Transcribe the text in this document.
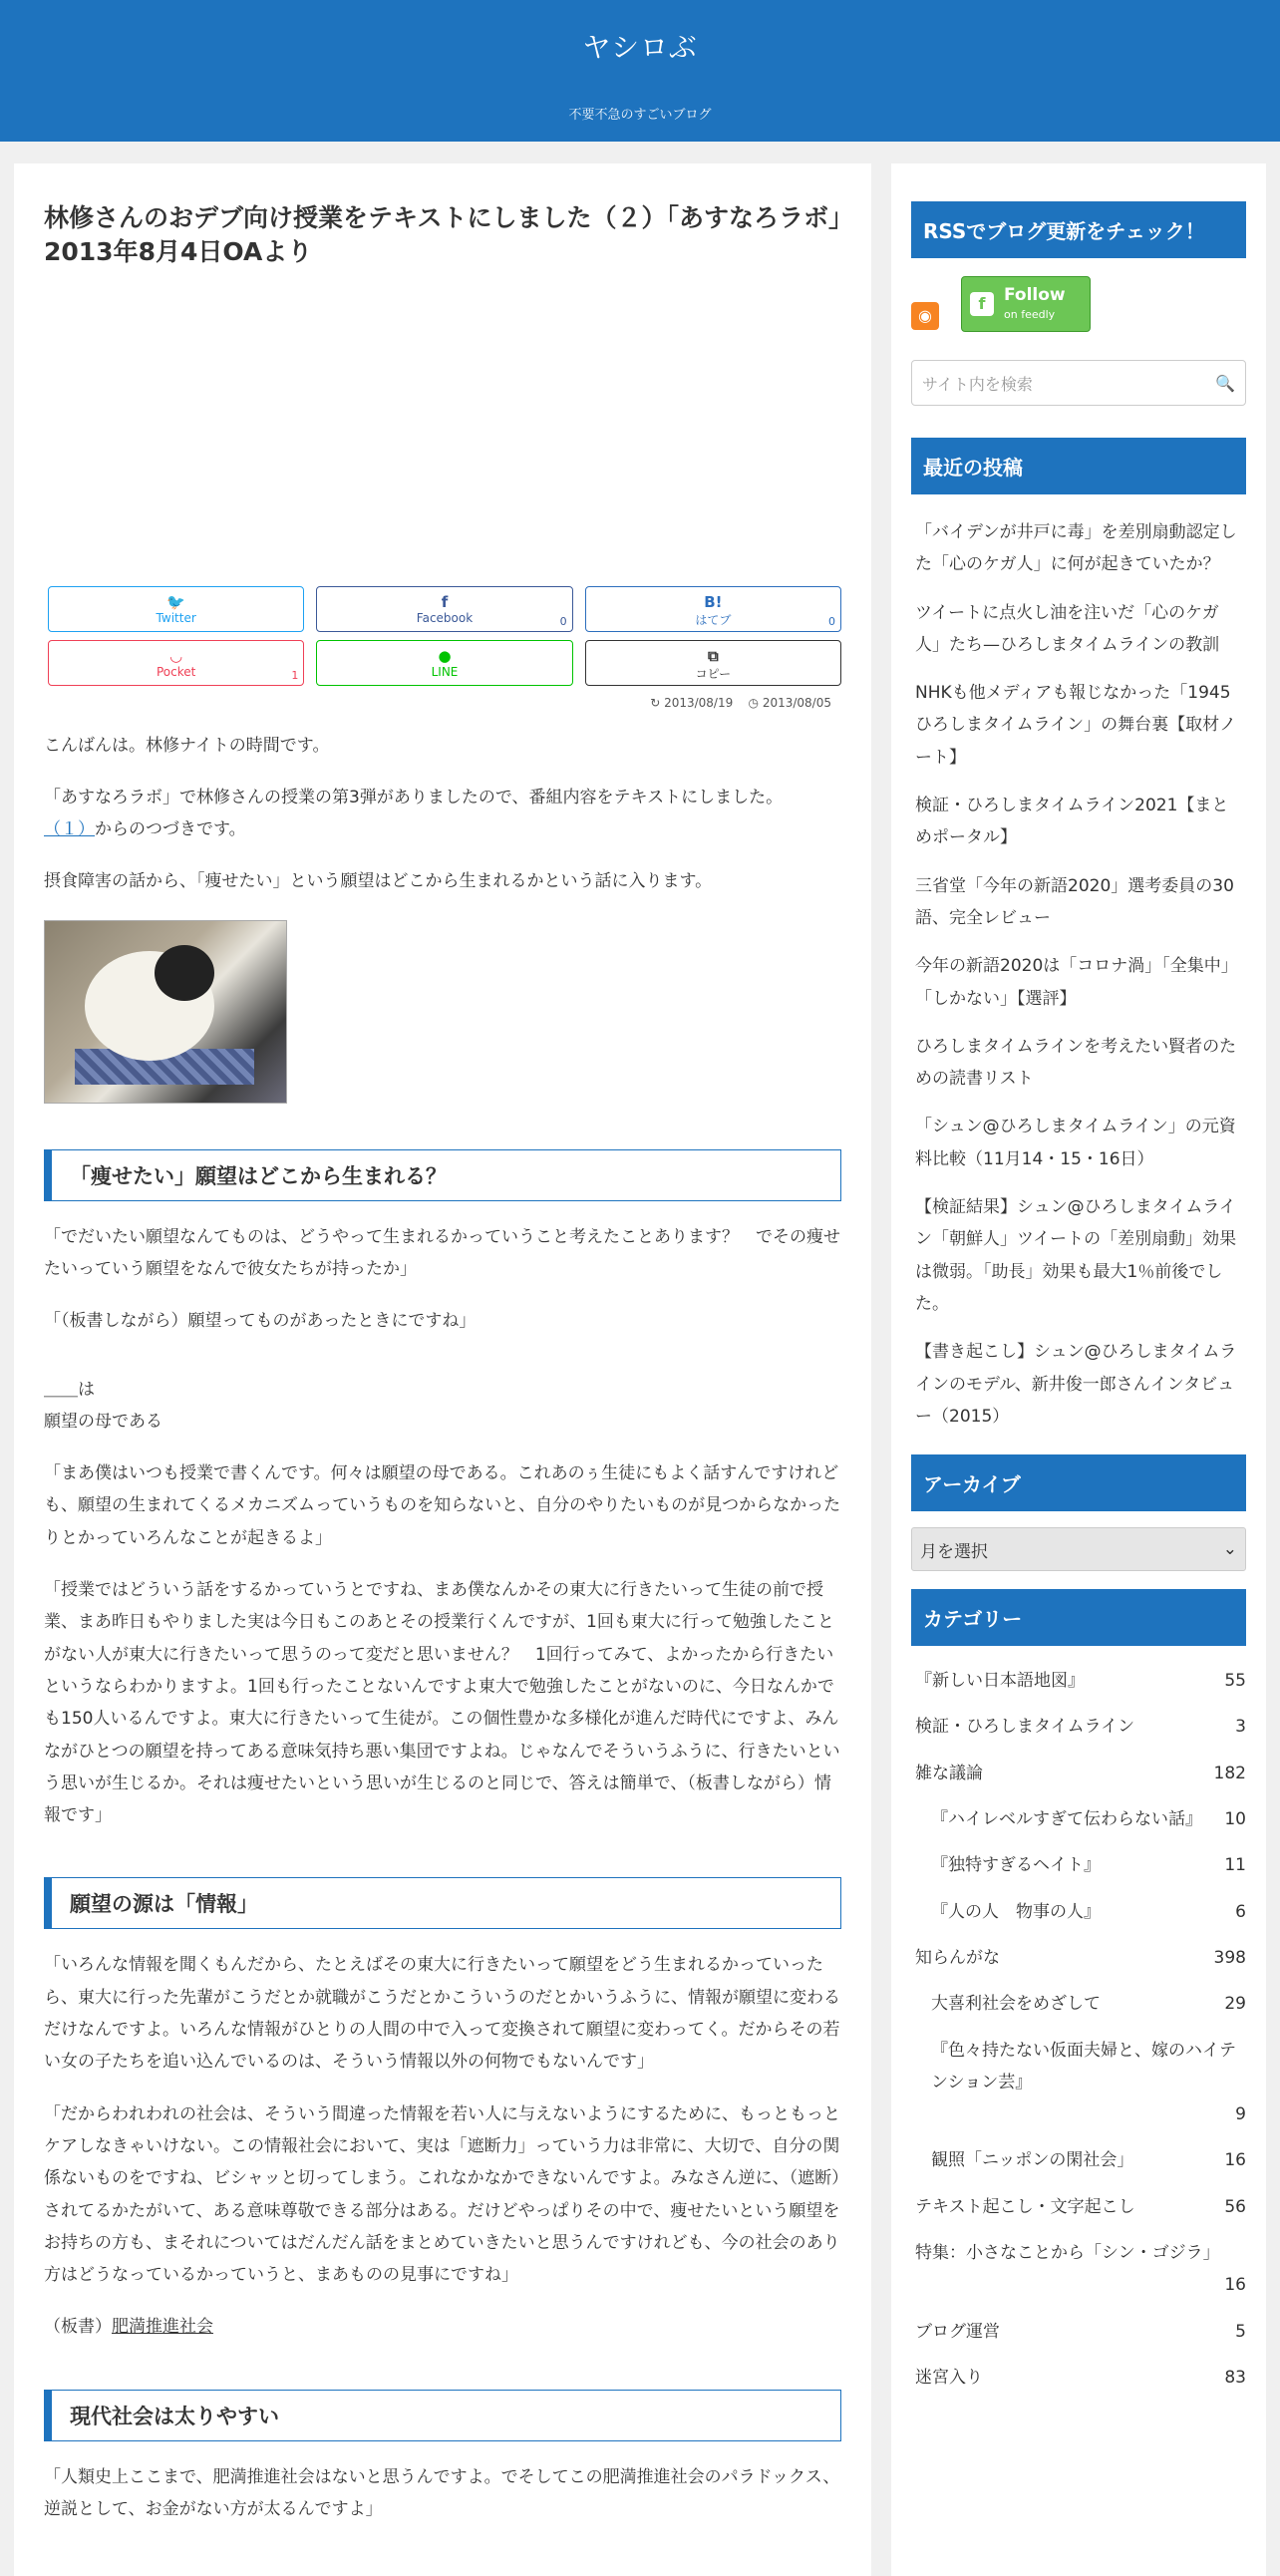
ヤシロぶ
不要不急のすごいブログ
林修さんのおデブ向け授業をテキストにしました（２）「あすなろラボ」2013年8月4日OAより
🐦
Twitter
f
Facebook	0
B!
はてブ	0
◡
Pocket	1
●
LINE
⧉
コピー
↻ 2013/08/19 ◷ 2013/08/05

こんばんは。林修ナイトの時間です。

「あすなろラボ」で林修さんの授業の第3弾がありましたので、番組内容をテキストにしました。
（１）からのつづきです。

摂食障害の話から、「痩せたい」という願望はどこから生まれるかという話に入ります。

「痩せたい」願望はどこから生まれる？

「でだいたい願望なんてものは、どうやって生まれるかっていうこと考えたことあります？　でその痩せたいっていう願望をなんで彼女たちが持ったか」

「（板書しながら）願望ってものがあったときにですね」

＿＿は
願望の母である

「まあ僕はいつも授業で書くんです。何々は願望の母である。これあのぅ生徒にもよく話すんですけれども、願望の生まれてくるメカニズムっていうものを知らないと、自分のやりたいものが見つからなかったりとかっていろんなことが起きるよ」

「授業ではどういう話をするかっていうとですね、まあ僕なんかその東大に行きたいって生徒の前で授業、まあ昨日もやりました実は今日もこのあとその授業行くんですが、1回も東大に行って勉強したことがない人が東大に行きたいって思うのって変だと思いません？　1回行ってみて、よかったから行きたいというならわかりますよ。1回も行ったことないんですよ東大で勉強したことがないのに、今日なんかでも150人いるんですよ。東大に行きたいって生徒が。この個性豊かな多様化が進んだ時代にですよ、みんながひとつの願望を持ってある意味気持ち悪い集団ですよね。じゃなんでそういうふうに、行きたいという思いが生じるか。それは痩せたいという思いが生じるのと同じで、答えは簡単で、（板書しながら）情報です」

願望の源は「情報」

「いろんな情報を聞くもんだから、たとえばその東大に行きたいって願望をどう生まれるかっていったら、東大に行った先輩がこうだとか就職がこうだとかこういうのだとかいうふうに、情報が願望に変わるだけなんですよ。いろんな情報がひとりの人間の中で入って変換されて願望に変わってく。だからその若い女の子たちを追い込んでいるのは、そういう情報以外の何物でもないんです」

「だからわれわれの社会は、そういう間違った情報を若い人に与えないようにするために、もっともっとケアしなきゃいけない。この情報社会において、実は「遮断力」っていう力は非常に、大切で、自分の関係ないものをですね、ビシャッと切ってしまう。これなかなかできないんですよ。みなさん逆に、（遮断）されてるかたがいて、ある意味尊敬できる部分はある。だけどやっぱりその中で、痩せたいという願望をお持ちの方も、まそれについてはだんだん話をまとめていきたいと思うんですけれども、今の社会のあり方はどうなっているかっていうと、まあものの見事にですね」

（板書）肥満推進社会

現代社会は太りやすい

「人類史上ここまで、肥満推進社会はないと思うんですよ。でそしてこの肥満推進社会のパラドックス、逆説として、お金がない方が太るんですよ」

RSSでブログ更新をチェック！
◉
f	Follow
on feedly
サイト内を検索	🔍
最近の投稿
「バイデンが井戸に毒」を差別扇動認定した「心のケガ人」に何が起きていたか？
ツイートに点火し油を注いだ「心のケガ人」たち—ひろしまタイムラインの教訓
NHKも他メディアも報じなかった「1945ひろしまタイムライン」の舞台裏【取材ノート】
検証・ひろしまタイムライン2021【まとめポータル】
三省堂「今年の新語2020」選考委員の30語、完全レビュー
今年の新語2020は「コロナ渦」「全集中」「しかない」【選評】
ひろしまタイムラインを考えたい賢者のための読書リスト
「シュン@ひろしまタイムライン」の元資料比較（11月14・15・16日）
【検証結果】シュン@ひろしまタイムライン「朝鮮人」ツイートの「差別扇動」効果は微弱。「助長」効果も最大1％前後でした。
【書き起こし】シュン@ひろしまタイムラインのモデル、新井俊一郎さんインタビュー（2015）
アーカイブ
月を選択	⌄
カテゴリー
『新しい日本語地図』	55
検証・ひろしまタイムライン	3
雑な議論	182
『ハイレベルすぎて伝わらない話』 10
『独特すぎるヘイト』	11
『人の人　物事の人』	6
知らんがな	398
大喜利社会をめざして	29
『色々持たない仮面夫婦と、嫁のハイテンション芸』
9
観照「ニッポンの閑社会」	16
テキスト起こし・文字起こし	56
特集：小さなことから「シン・ゴジラ」
16
ブログ運営	5
迷宮入り	83
